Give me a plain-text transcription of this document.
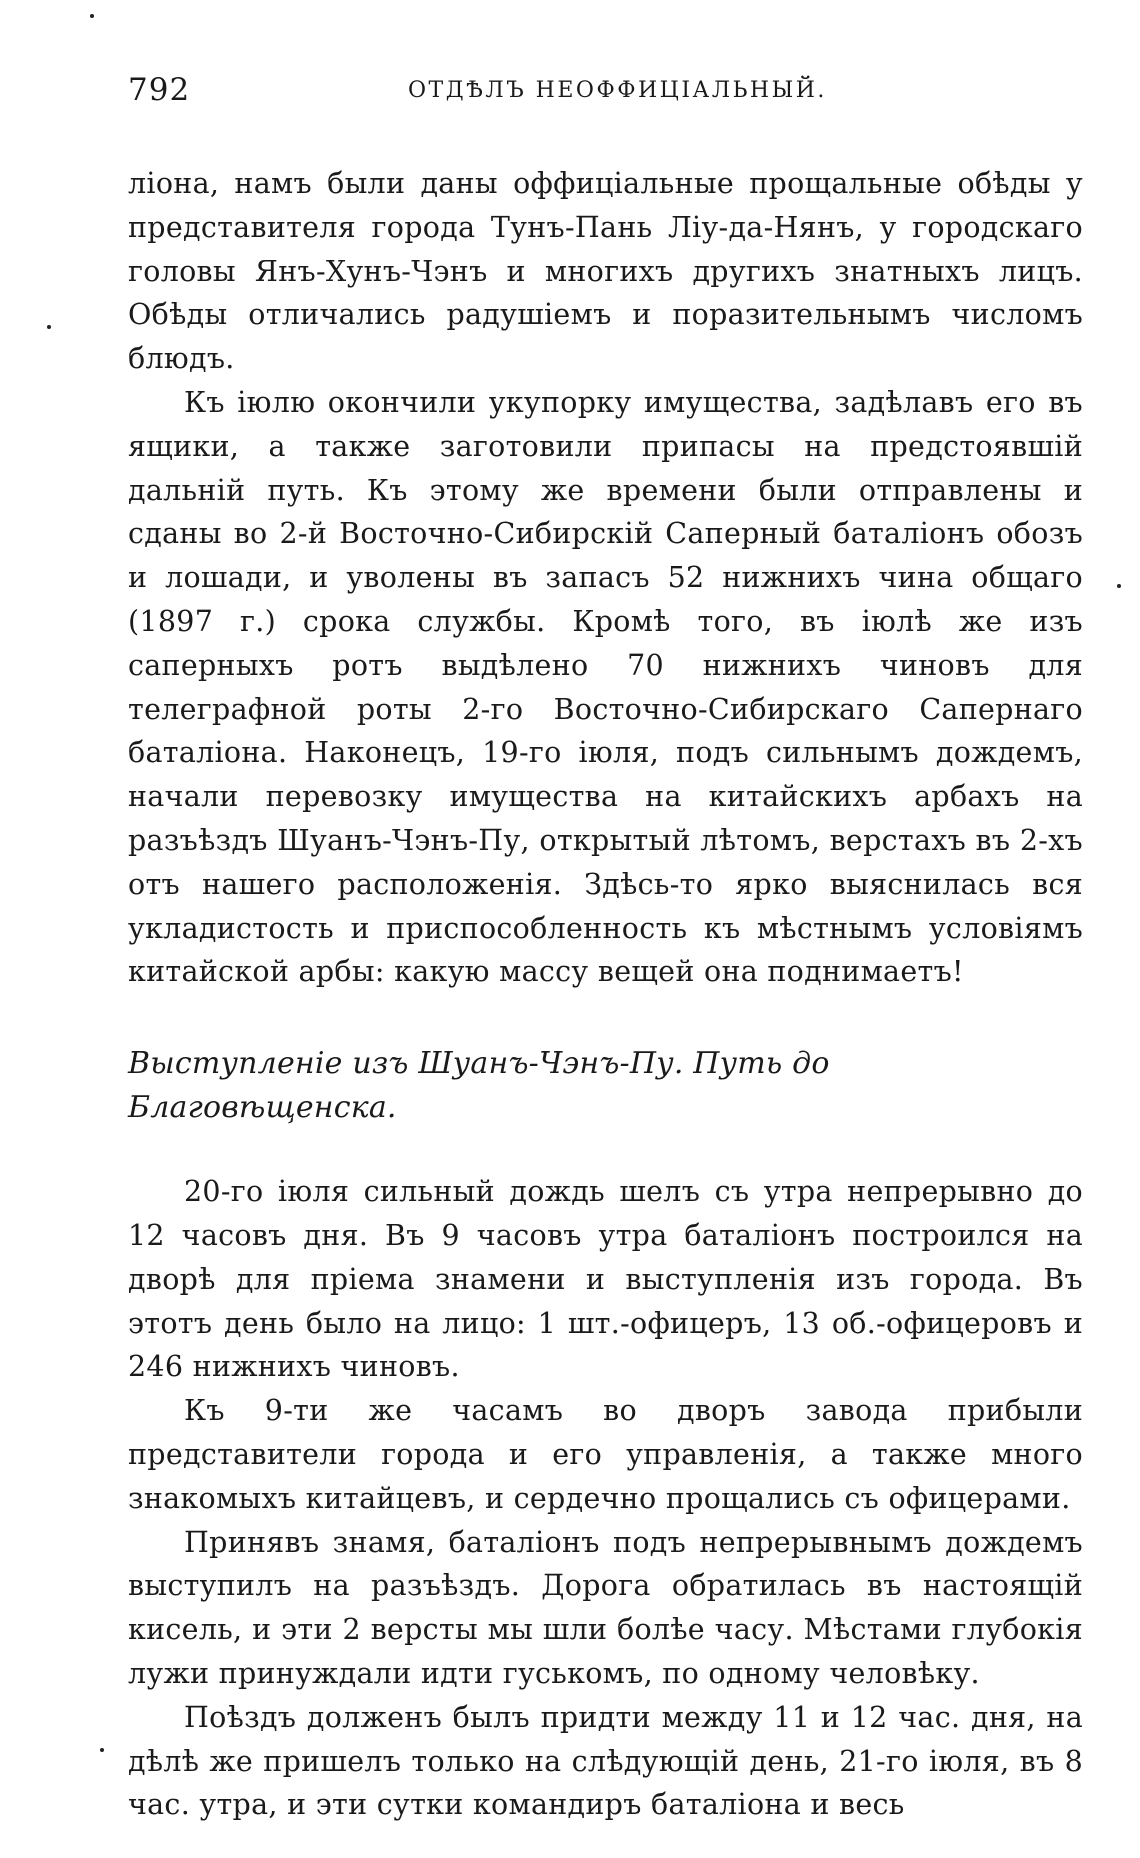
792	ОТДѢЛЪ НЕОФФИЦІАЛЬНЫЙ.

ліона, намъ были даны оффиціальные прощальные обѣды у представителя города Тунъ-Пань Лiу-да-Нянъ, у городскаго головы Янъ-Хунъ-Чэнъ и многихъ другихъ знатныхъ лицъ. Обѣды отличались радушіемъ и поразительнымъ числомъ блюдъ.

Къ іюлю окончили укупорку имущества, задѣлавъ его въ ящики, а также заготовили припасы на предстоявшій дальній путь. Къ этому же времени были отправлены и сданы во 2-й Восточно-Сибирскій Саперный баталіонъ обозъ и лошади, и уволены въ запасъ 52 нижнихъ чина общаго (1897 г.) срока службы. Кромѣ того, въ іюлѣ же изъ саперныхъ ротъ выдѣлено 70 нижнихъ чиновъ для телеграфной роты 2-го Восточно-Сибирскаго Сапернаго баталіона. Наконецъ, 19-го іюля, подъ сильнымъ дождемъ, начали перевозку имущества на китайскихъ арбахъ на разъѣздъ Шуанъ-Чэнъ-Пу, открытый лѣтомъ, верстахъ въ 2-хъ отъ нашего расположенія. Здѣсь-то ярко выяснилась вся укладистость и приспособленность къ мѣстнымъ условіямъ китайской арбы: какую массу вещей она поднимаетъ!

Выступленіе изъ Шуанъ-Чэнъ-Пу. Путь до Благовѣщенска.

20-го іюля сильный дождь шелъ съ утра непрерывно до 12 часовъ дня. Въ 9 часовъ утра баталіонъ построился на дворѣ для пріема знамени и выступленія изъ города. Въ этотъ день было на лицо: 1 шт.-офицеръ, 13 об.-офицеровъ и 246 нижнихъ чиновъ.

Къ 9-ти же часамъ во дворъ завода прибыли представители города и его управленія, а также много знакомыхъ китайцевъ, и сердечно прощались съ офицерами.

Принявъ знамя, баталіонъ подъ непрерывнымъ дождемъ выступилъ на разъѣздъ. Дорога обратилась въ настоящій кисель, и эти 2 версты мы шли болѣе часу. Мѣстами глубокія лужи принуждали идти гуськомъ, по одному человѣку.

Поѣздъ долженъ былъ придти между 11 и 12 час. дня, на дѣлѣ же пришелъ только на слѣдующій день, 21-го іюля, въ 8 час. утра, и эти сутки командиръ баталіона и весь
